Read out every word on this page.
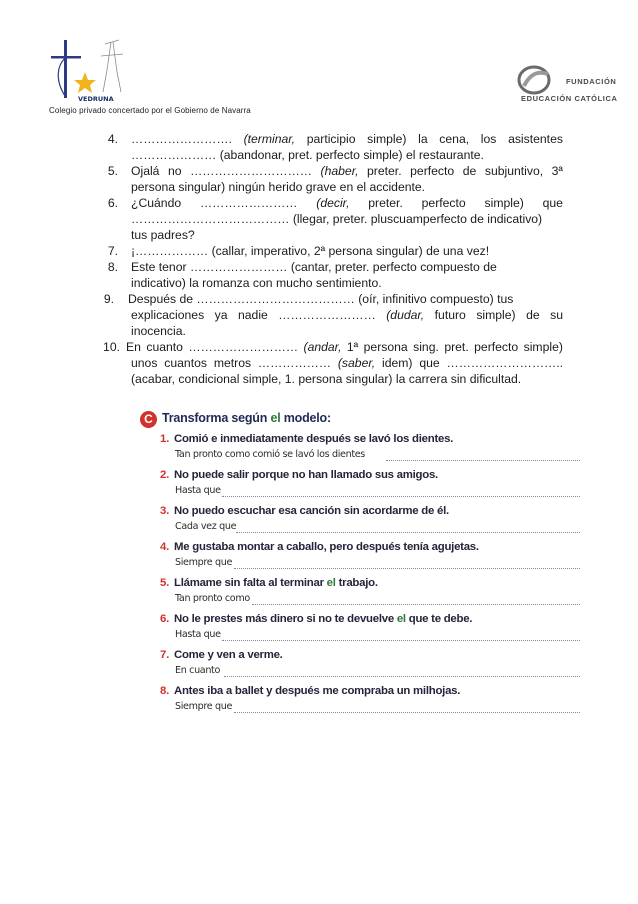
VEDRUNA
FUNDACIÓN
EDUCACIÓN CATÓLICA
Colegio privado concertado por el Gobierno de Navarra
4. ……………………. (terminar, participio simple) la cena, los asistentes
………………… (abandonar, pret. perfecto simple) el restaurante.
5. Ojalá no ………………………… (haber, preter. perfecto de subjuntivo, 3ª
persona singular) ningún herido grave en el accidente.
6. ¿Cuándo …………………… (decir, preter. perfecto simple) que
………………………………… (llegar, preter. pluscuamperfecto de indicativo)
tus padres?
7. ¡……………… (callar, imperativo, 2ª persona singular) de una vez!
8. Este tenor …………………… (cantar, preter. perfecto compuesto de
indicativo) la romanza con mucho sentimiento.
9. Después de ………………………………… (oír, infinitivo compuesto) tus
explicaciones ya nadie …………………… (dudar, futuro simple) de su
inocencia.
10. En cuanto ……………………… (andar, 1ª persona sing. pret. perfecto simple)
unos cuantos metros ……………… (saber, idem) que ………………………..
(acabar, condicional simple, 1. persona singular) la carrera sin dificultad.
C Transforma según el modelo:
1. Comió e inmediatamente después se lavó los dientes.
Tan pronto como comió se lavó los dientes
2. No puede salir porque no han llamado sus amigos.
Hasta que
3. No puedo escuchar esa canción sin acordarme de él.
Cada vez que
4. Me gustaba montar a caballo, pero después tenía agujetas.
Siempre que
5. Llámame sin falta al terminar el trabajo.
Tan pronto como
6. No le prestes más dinero si no te devuelve el que te debe.
Hasta que
7. Come y ven a verme.
En cuanto
8. Antes iba a ballet y después me compraba un milhojas.
Siempre que
